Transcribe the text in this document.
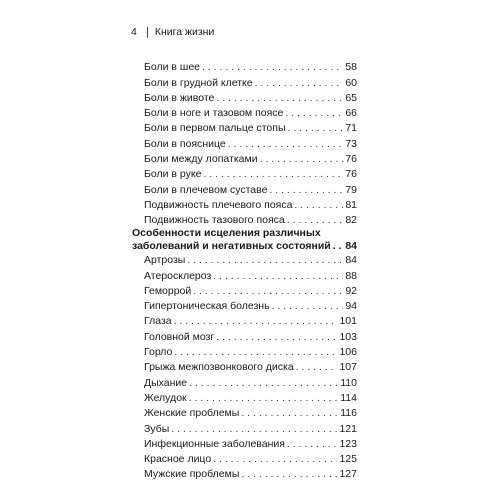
4 Книга жизни
Боли в шее . . .	58
Боли в грудной клетке . . .	60
Боли в животе . . .	65
Боли в ноге и тазовом поясе . . .	66
Боли в первом пальце стопы . . .	71
Боли в пояснице . . .	73
Боли между лопатками . . .	76
Боли в руке . . .	76
Боли в плечевом суставе . . .	79
Подвижность плечевого пояса . . .	81
Подвижность тазового пояса . . .	82
Особенности исцеления различных
заболеваний и негативных состояний . . . 84
Артрозы . . .	84
Атеросклероз . . .	88
Геморрой . . .	92
Гипертоническая болезнь . . .	94
Глаза . . .	101
Головной мозг . . .	103
Горло . . .	106
Грыжа межпозвонкового диска . . .	107
Дыхание . . .	110
Желудок . . .	114
Женские проблемы . . .	116
Зубы . . .	121
Инфекционные заболевания . . .	123
Красное лицо . . .	125
Мужские проблемы . . .	127
